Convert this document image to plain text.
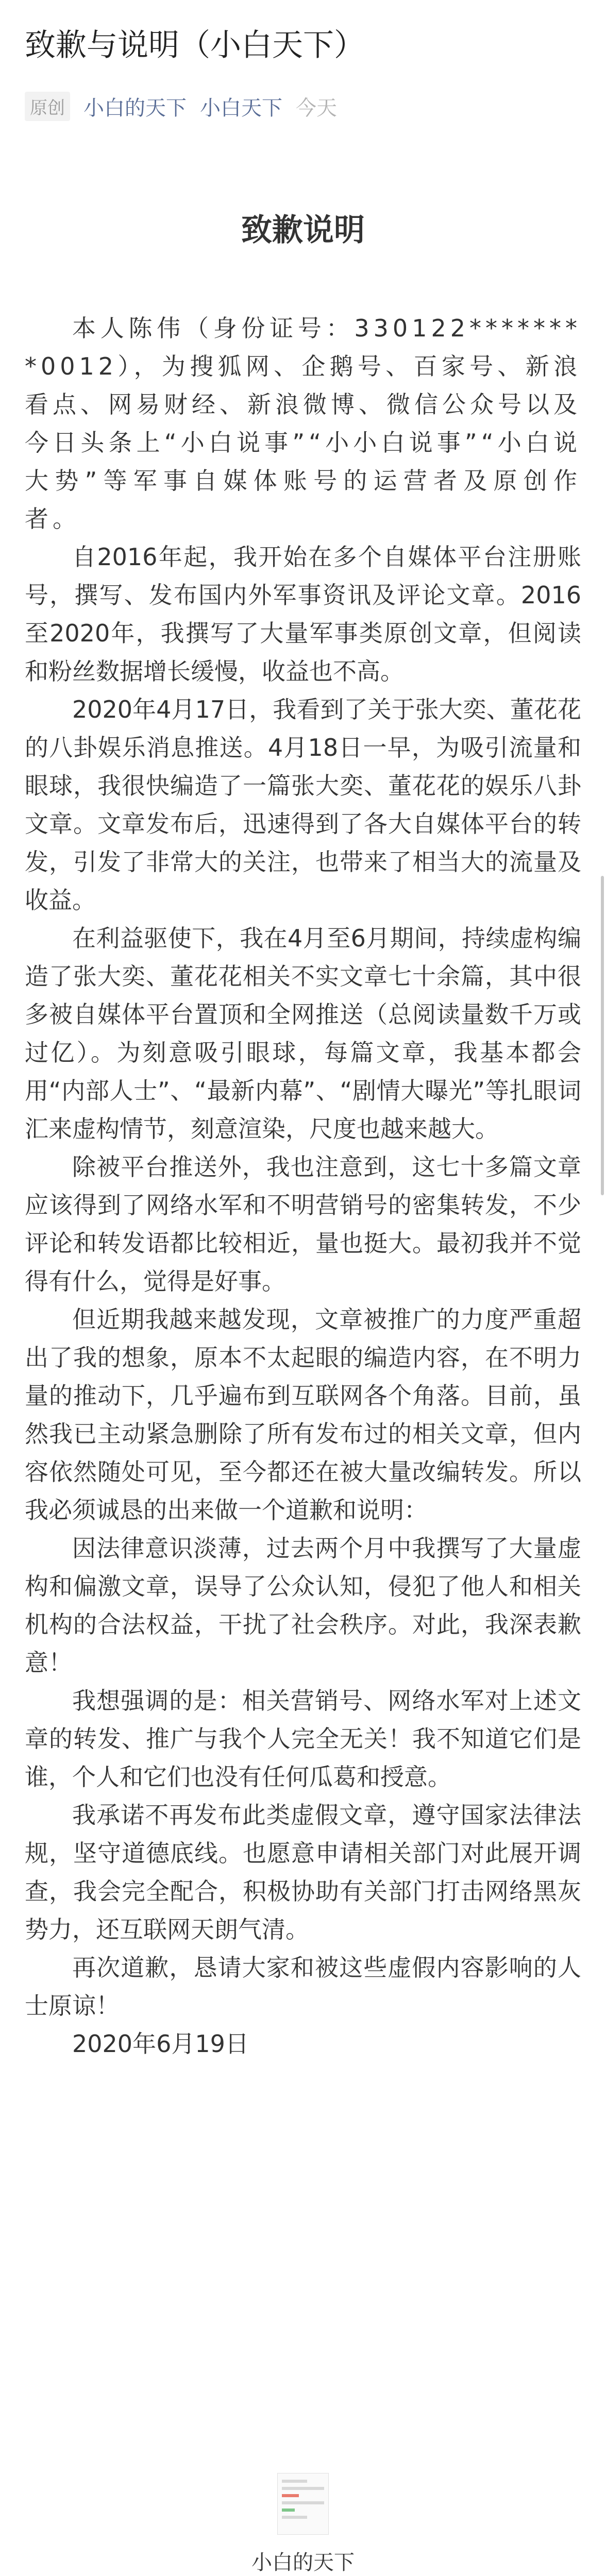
致歉与说明（小白天下）
原创 小白的天下 小白天下 今天
致歉说明

本人陈伟（身份证号：330122********0012），为搜狐网、企鹅号、百家号、新浪看点、网易财经、新浪微博、微信公众号以及今日头条上“小白说事”“小小白说事”“小白说大势”等军事自媒体账号的运营者及原创作者。

自2016年起，我开始在多个自媒体平台注册账号，撰写、发布国内外军事资讯及评论文章。2016至2020年，我撰写了大量军事类原创文章，但阅读和粉丝数据增长缓慢，收益也不高。

2020年4月17日，我看到了关于张大奕、董花花的八卦娱乐消息推送。4月18日一早，为吸引流量和眼球，我很快编造了一篇张大奕、董花花的娱乐八卦文章。文章发布后，迅速得到了各大自媒体平台的转发，引发了非常大的关注，也带来了相当大的流量及收益。

在利益驱使下，我在4月至6月期间，持续虚构编造了张大奕、董花花相关不实文章七十余篇，其中很多被自媒体平台置顶和全网推送（总阅读量数千万或过亿）。为刻意吸引眼球，每篇文章，我基本都会用“内部人士”、“最新内幕”、“剧情大曝光”等扎眼词汇来虚构情节，刻意渲染，尺度也越来越大。

除被平台推送外，我也注意到，这七十多篇文章应该得到了网络水军和不明营销号的密集转发，不少评论和转发语都比较相近，量也挺大。最初我并不觉得有什么，觉得是好事。

但近期我越来越发现，文章被推广的力度严重超出了我的想象，原本不太起眼的编造内容，在不明力量的推动下，几乎遍布到互联网各个角落。目前，虽然我已主动紧急删除了所有发布过的相关文章，但内容依然随处可见，至今都还在被大量改编转发。所以我必须诚恳的出来做一个道歉和说明：

因法律意识淡薄，过去两个月中我撰写了大量虚构和偏激文章，误导了公众认知，侵犯了他人和相关机构的合法权益，干扰了社会秩序。对此，我深表歉意！

我想强调的是：相关营销号、网络水军对上述文章的转发、推广与我个人完全无关！我不知道它们是谁，个人和它们也没有任何瓜葛和授意。

我承诺不再发布此类虚假文章，遵守国家法律法规，坚守道德底线。也愿意申请相关部门对此展开调查，我会完全配合，积极协助有关部门打击网络黑灰势力，还互联网天朗气清。

再次道歉，恳请大家和被这些虚假内容影响的人士原谅！

2020年6月19日

小白的天下
